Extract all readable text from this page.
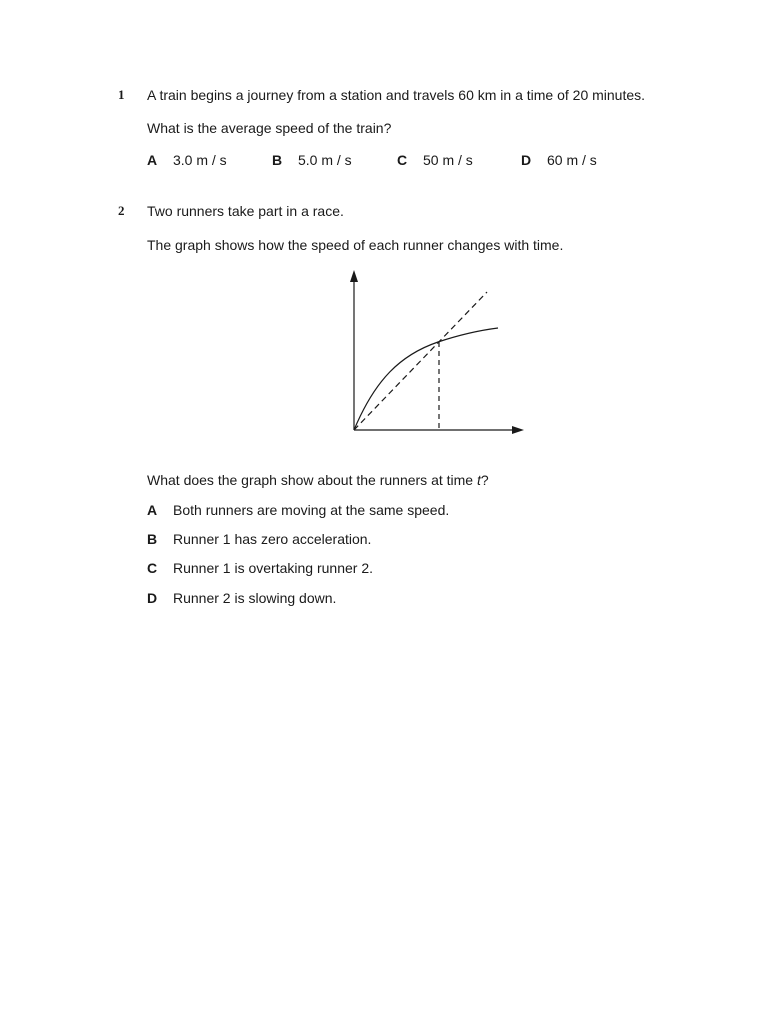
1 A train begins a journey from a station and travels 60 km in a time of 20 minutes.
What is the average speed of the train?
A 3.0 m / s	B 5.0 m / s	C 50 m / s	D 60 m / s
2 Two runners take part in a race.
The graph shows how the speed of each runner changes with time.
What does the graph show about the runners at time t?
A Both runners are moving at the same speed.
B Runner 1 has zero acceleration.
C Runner 1 is overtaking runner 2.
D Runner 2 is slowing down.
